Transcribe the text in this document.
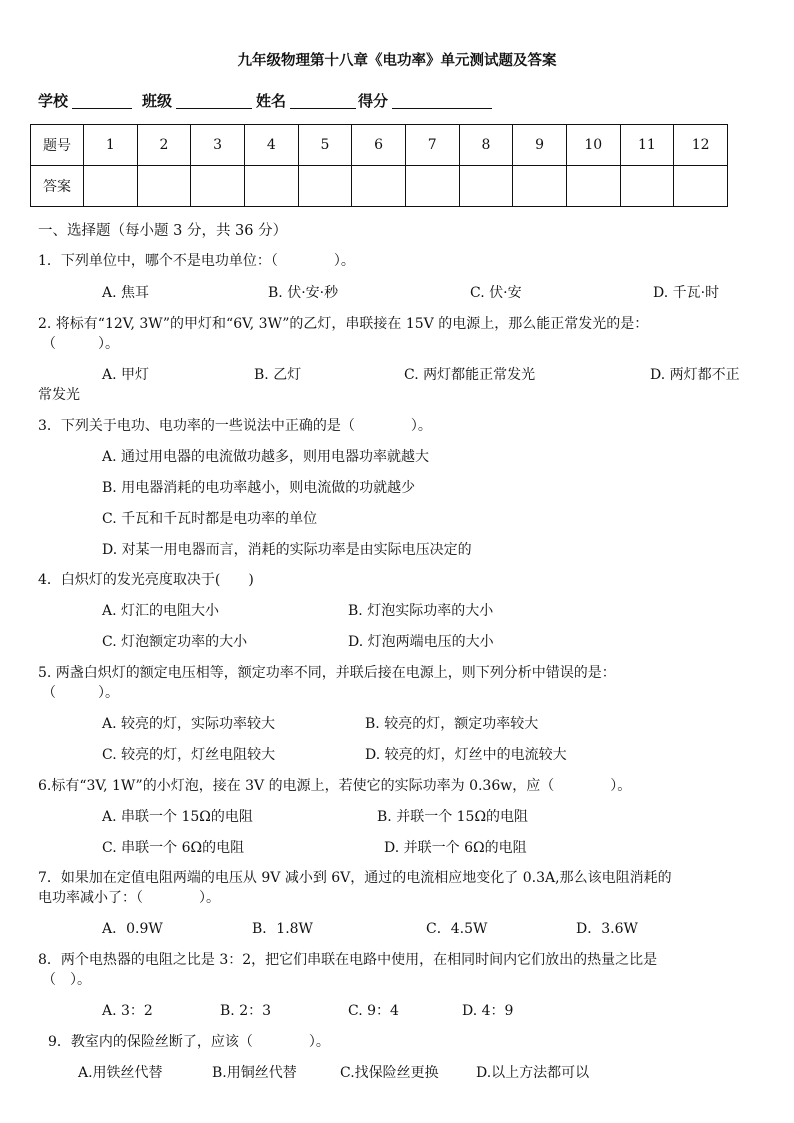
九年级物理第十八章《电功率》单元测试题及答案
学校	班级	姓名	得分
题号	1	2	3	4	5	6	7	8	9	10	11	12
答案												
一、选择题（每小题 3 分，共 36 分）
1．下列单位中，哪个不是电功单位：（　　　　）。
A. 焦耳	B. 伏·安·秒	C. 伏·安	D. 千瓦·时
2. 将标有“12V, 3W”的甲灯和“6V, 3W”的乙灯，串联接在 15V 的电源上，那么能正常发光的是：
（　　　）。
A. 甲灯	B. 乙灯	C. 两灯都能正常发光	D. 两灯都不正
常发光
3．下列关于电功、电功率的一些说法中正确的是（　　　　）。
A. 通过用电器的电流做功越多，则用电器功率就越大
B. 用电器消耗的电功率越小，则电流做的功就越少
C. 千瓦和千瓦时都是电功率的单位
D. 对某一用电器而言，消耗的实际功率是由实际电压决定的
4．白炽灯的发光亮度取决于(　　)
A. 灯汇的电阻大小	B. 灯泡实际功率的大小
C. 灯泡额定功率的大小	D. 灯泡两端电压的大小
5. 两盏白炽灯的额定电压相等，额定功率不同，并联后接在电源上，则下列分析中错误的是：
（　　　）。
A. 较亮的灯，实际功率较大	B. 较亮的灯，额定功率较大
C. 较亮的灯，灯丝电阻较大	D. 较亮的灯，灯丝中的电流较大
6.标有“3V, 1W”的小灯泡，接在 3V 的电源上，若使它的实际功率为 0.36w，应（　　　　）。
A. 串联一个 15Ω的电阻	B. 并联一个 15Ω的电阻
C. 串联一个 6Ω的电阻	D. 并联一个 6Ω的电阻
7．如果加在定值电阻两端的电压从 9V 减小到 6V，通过的电流相应地变化了 0.3A,那么该电阻消耗的
电功率减小了：（　　　　）。
A．0.9W	B．1.8W	C．4.5W	D．3.6W
8．两个电热器的电阻之比是 3：2，把它们串联在电路中使用，在相同时间内它们放出的热量之比是
（　）。
A. 3：2	B. 2：3	C. 9：4	D. 4：9
9．教室内的保险丝断了，应该（　　　　）。
A.用铁丝代替	B.用铜丝代替	C.找保险丝更换	D.以上方法都可以
